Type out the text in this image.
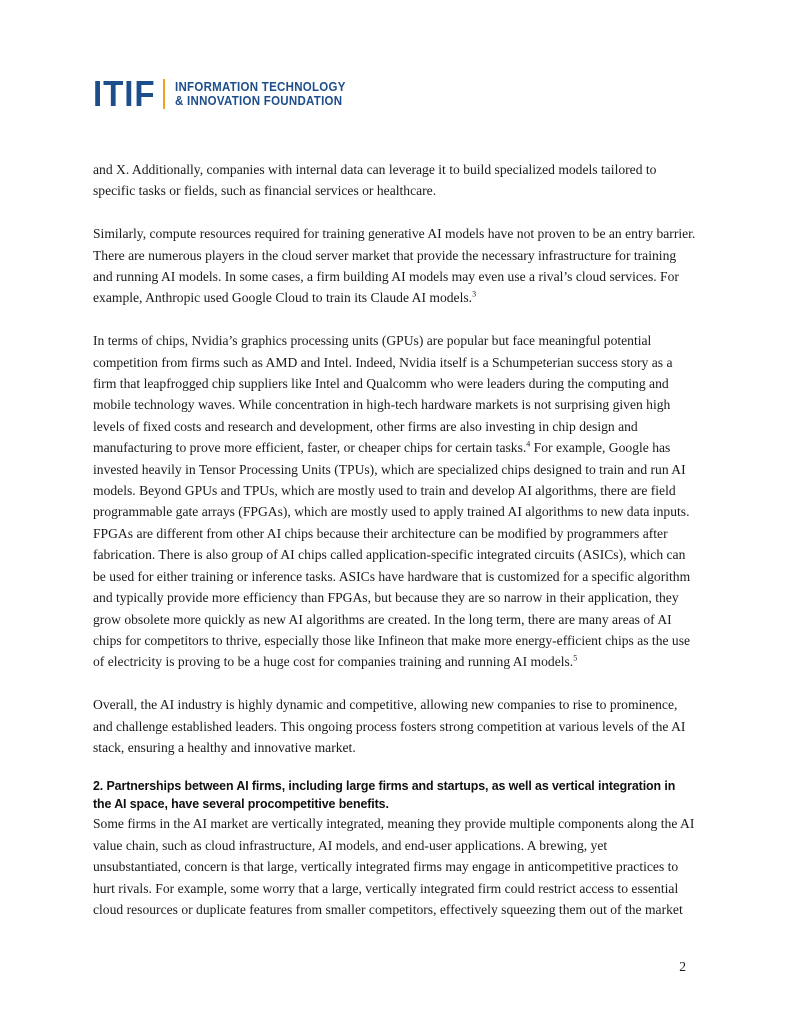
ITIF INFORMATION TECHNOLOGY
& INNOVATION FOUNDATION

and X. Additionally, companies with internal data can leverage it to build specialized models tailored to specific tasks or fields, such as financial services or healthcare.

Similarly, compute resources required for training generative AI models have not proven to be an entry barrier. There are numerous players in the cloud server market that provide the necessary infrastructure for training and running AI models. In some cases, a firm building AI models may even use a rival’s cloud services. For example, Anthropic used Google Cloud to train its Claude AI models.$^3$

In terms of chips, Nvidia’s graphics processing units (GPUs) are popular but face meaningful potential competition from firms such as AMD and Intel. Indeed, Nvidia itself is a Schumpeterian success story as a firm that leapfrogged chip suppliers like Intel and Qualcomm who were leaders during the computing and mobile technology waves. While concentration in high-tech hardware markets is not surprising given high levels of fixed costs and research and development, other firms are also investing in chip design and manufacturing to prove more efficient, faster, or cheaper chips for certain tasks.$^4$ For example, Google has invested heavily in Tensor Processing Units (TPUs), which are specialized chips designed to train and run AI models. Beyond GPUs and TPUs, which are mostly used to train and develop AI algorithms, there are field programmable gate arrays (FPGAs), which are mostly used to apply trained AI algorithms to new data inputs. FPGAs are different from other AI chips because their architecture can be modified by programmers after fabrication. There is also group of AI chips called application-specific integrated circuits (ASICs), which can be used for either training or inference tasks. ASICs have hardware that is customized for a specific algorithm and typically provide more efficiency than FPGAs, but because they are so narrow in their application, they grow obsolete more quickly as new AI algorithms are created. In the long term, there are many areas of AI chips for competitors to thrive, especially those like Infineon that make more energy-efficient chips as the use of electricity is proving to be a huge cost for companies training and running AI models.$^5$

Overall, the AI industry is highly dynamic and competitive, allowing new companies to rise to prominence, and challenge established leaders. This ongoing process fosters strong competition at various levels of the AI stack, ensuring a healthy and innovative market.

2. Partnerships between AI firms, including large firms and startups, as well as vertical integration in the AI space, have several procompetitive benefits.

Some firms in the AI market are vertically integrated, meaning they provide multiple components along the AI value chain, such as cloud infrastructure, AI models, and end-user applications. A brewing, yet unsubstantiated, concern is that large, vertically integrated firms may engage in anticompetitive practices to hurt rivals. For example, some worry that a large, vertically integrated firm could restrict access to essential cloud resources or duplicate features from smaller competitors, effectively squeezing them out of the market

2
